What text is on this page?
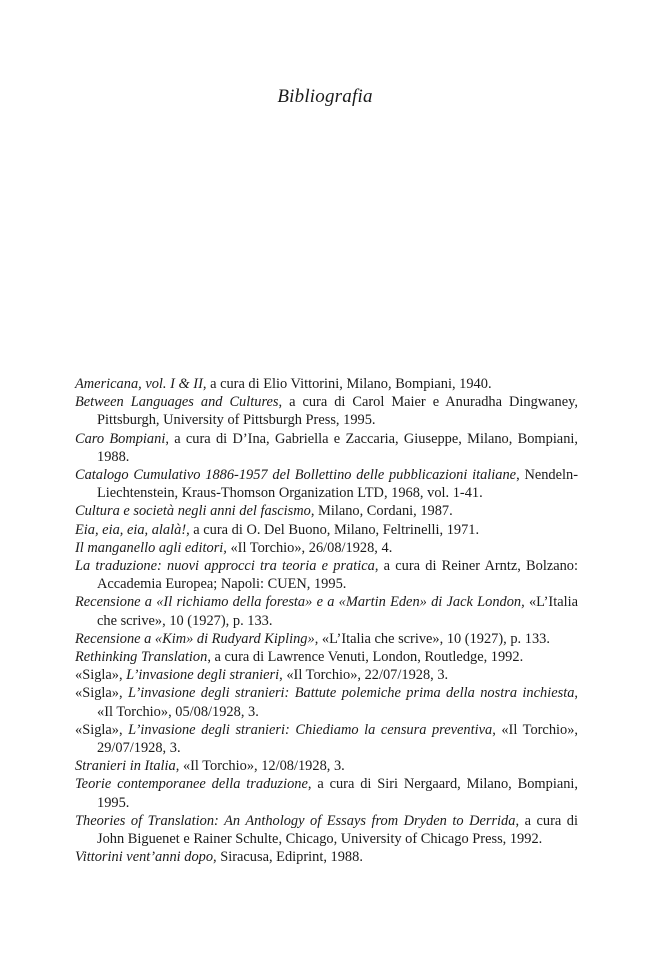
Bibliografia
Americana, vol. I & II, a cura di Elio Vittorini, Milano, Bompiani, 1940.
Between Languages and Cultures, a cura di Carol Maier e Anuradha Dingwaney, Pittsburgh, University of Pittsburgh Press, 1995.
Caro Bompiani, a cura di D’Ina, Gabriella e Zaccaria, Giuseppe, Milano, Bompiani, 1988.
Catalogo Cumulativo 1886-1957 del Bollettino delle pubblicazioni italiane, Nendeln-Liechtenstein, Kraus-Thomson Organization LTD, 1968, vol. 1-41.
Cultura e società negli anni del fascismo, Milano, Cordani, 1987.
Eia, eia, eia, alalà!, a cura di O. Del Buono, Milano, Feltrinelli, 1971.
Il manganello agli editori, «Il Torchio», 26/08/1928, 4.
La traduzione: nuovi approcci tra teoria e pratica, a cura di Reiner Arntz, Bolzano: Accademia Europea; Napoli: CUEN, 1995.
Recensione a «Il richiamo della foresta» e a «Martin Eden» di Jack London, «L’Italia che scrive», 10 (1927), p. 133.
Recensione a «Kim» di Rudyard Kipling», «L’Italia che scrive», 10 (1927), p. 133.
Rethinking Translation, a cura di Lawrence Venuti, London, Routledge, 1992.
«Sigla», L’invasione degli stranieri, «Il Torchio», 22/07/1928, 3.
«Sigla», L’invasione degli stranieri: Battute polemiche prima della nostra inchiesta, «Il Torchio», 05/08/1928, 3.
«Sigla», L’invasione degli stranieri: Chiediamo la censura preventiva, «Il Torchio», 29/07/1928, 3.
Stranieri in Italia, «Il Torchio», 12/08/1928, 3.
Teorie contemporanee della traduzione, a cura di Siri Nergaard, Milano, Bompiani, 1995.
Theories of Translation: An Anthology of Essays from Dryden to Derrida, a cura di John Biguenet e Rainer Schulte, Chicago, University of Chicago Press, 1992.
Vittorini vent’anni dopo, Siracusa, Ediprint, 1988.
